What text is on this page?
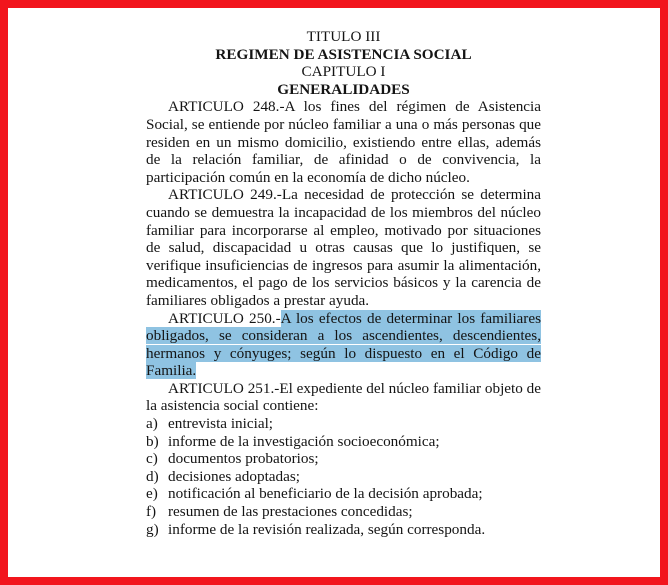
TITULO III
REGIMEN DE ASISTENCIA SOCIAL
CAPITULO I
GENERALIDADES

ARTICULO 248.-A los fines del régimen de Asistencia Social, se entiende por núcleo familiar a una o más personas que residen en un mismo domicilio, existiendo entre ellas, además de la relación familiar, de afinidad o de convivencia, la participación común en la economía de dicho núcleo.

ARTICULO 249.-La necesidad de protección se determina cuando se demuestra la incapacidad de los miembros del núcleo familiar para incorporarse al empleo, motivado por situaciones de salud, discapacidad u otras causas que lo justifiquen, se verifique insuficiencias de ingresos para asumir la alimentación, medicamentos, el pago de los servicios básicos y la carencia de familiares obligados a prestar ayuda.

ARTICULO 250.-A los efectos de determinar los familiares obligados, se consideran a los ascendientes, descendientes, hermanos y cónyuges; según lo dispuesto en el Código de Familia.

ARTICULO 251.-El expediente del núcleo familiar objeto de la asistencia social contiene:

a) entrevista inicial;
b) informe de la investigación socioeconómica;
c) documentos probatorios;
d) decisiones adoptadas;
e) notificación al beneficiario de la decisión aprobada;
f) resumen de las prestaciones concedidas;
g) informe de la revisión realizada, según corresponda.
